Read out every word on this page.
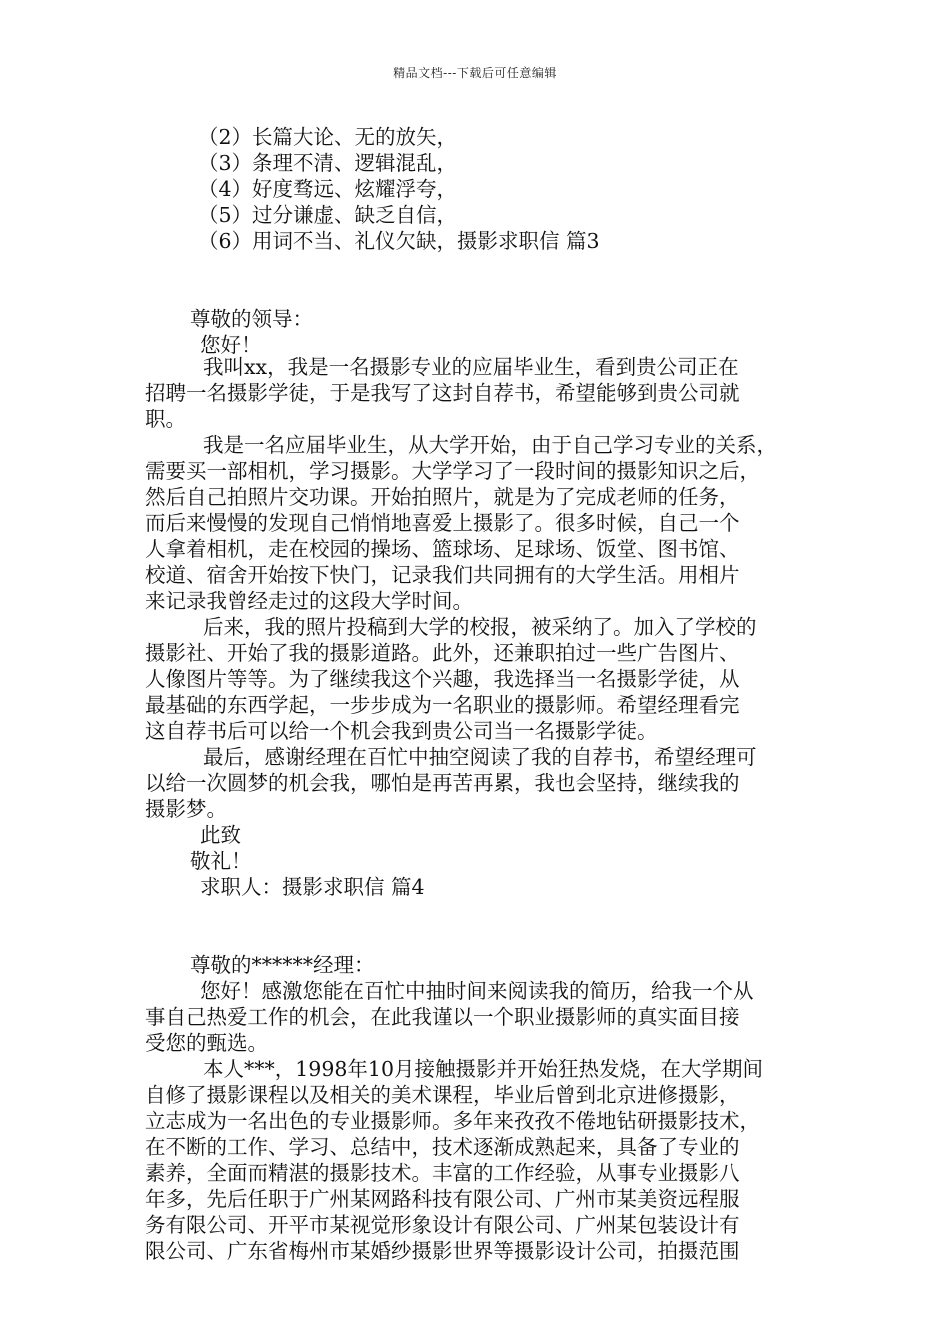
精品文档---下载后可任意编辑
（2）长篇大论、无的放矢，
（3）条理不清、逻辑混乱，
（4）好度骛远、炫耀浮夸，
（5）过分谦虚、缺乏自信，
（6）用词不当、礼仪欠缺，摄影求职信 篇3
尊敬的领导：
您好！
我叫xx，我是一名摄影专业的应届毕业生，看到贵公司正在
招聘一名摄影学徒，于是我写了这封自荐书，希望能够到贵公司就
职。
我是一名应届毕业生，从大学开始，由于自己学习专业的关系，
需要买一部相机，学习摄影。大学学习了一段时间的摄影知识之后，
然后自己拍照片交功课。开始拍照片，就是为了完成老师的任务，
而后来慢慢的发现自己悄悄地喜爱上摄影了。很多时候，自己一个
人拿着相机，走在校园的操场、篮球场、足球场、饭堂、图书馆、
校道、宿舍开始按下快门，记录我们共同拥有的大学生活。用相片
来记录我曾经走过的这段大学时间。
后来，我的照片投稿到大学的校报，被采纳了。加入了学校的
摄影社、开始了我的摄影道路。此外，还兼职拍过一些广告图片、
人像图片等等。为了继续我这个兴趣，我选择当一名摄影学徒，从
最基础的东西学起，一步步成为一名职业的摄影师。希望经理看完
这自荐书后可以给一个机会我到贵公司当一名摄影学徒。
最后，感谢经理在百忙中抽空阅读了我的自荐书，希望经理可
以给一次圆梦的机会我，哪怕是再苦再累，我也会坚持，继续我的
摄影梦。
此致
敬礼！
求职人：摄影求职信 篇4
尊敬的******经理：
您好！感激您能在百忙中抽时间来阅读我的简历，给我一个从
事自己热爱工作的机会，在此我谨以一个职业摄影师的真实面目接
受您的甄选。
本人***，1998年10月接触摄影并开始狂热发烧，在大学期间
自修了摄影课程以及相关的美术课程，毕业后曾到北京进修摄影，
立志成为一名出色的专业摄影师。多年来孜孜不倦地钻研摄影技术，
在不断的工作、学习、总结中，技术逐渐成熟起来，具备了专业的
素养，全面而精湛的摄影技术。丰富的工作经验，从事专业摄影八
年多，先后任职于广州某网路科技有限公司、广州市某美资远程服
务有限公司、开平市某视觉形象设计有限公司、广州某包装设计有
限公司、广东省梅州市某婚纱摄影世界等摄影设计公司，拍摄范围
